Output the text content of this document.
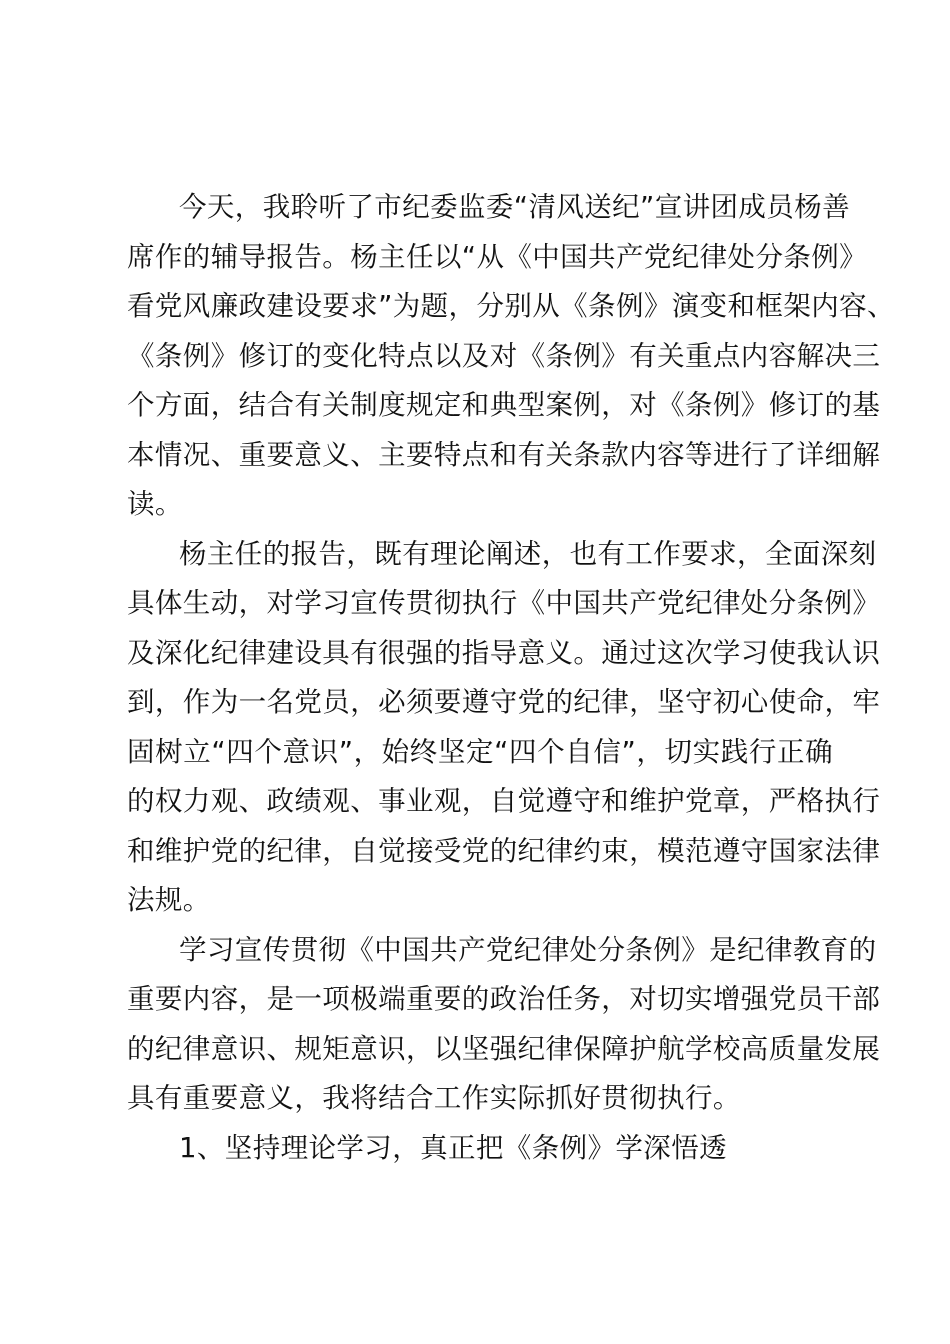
今天，我聆听了市纪委监委“清风送纪”宣讲团成员杨善
席作的辅导报告。杨主任以“从《中国共产党纪律处分条例》
看党风廉政建设要求”为题，分别从《条例》演变和框架内容、
《条例》修订的变化特点以及对《条例》有关重点内容解决三
个方面，结合有关制度规定和典型案例，对《条例》修订的基
本情况、重要意义、主要特点和有关条款内容等进行了详细解
读。
杨主任的报告，既有理论阐述，也有工作要求，全面深刻
具体生动，对学习宣传贯彻执行《中国共产党纪律处分条例》
及深化纪律建设具有很强的指导意义。通过这次学习使我认识
到，作为一名党员，必须要遵守党的纪律，坚守初心使命，牢
固树立“四个意识”，始终坚定“四个自信”，切实践行正确
的权力观、政绩观、事业观，自觉遵守和维护党章，严格执行
和维护党的纪律，自觉接受党的纪律约束，模范遵守国家法律
法规。
学习宣传贯彻《中国共产党纪律处分条例》是纪律教育的
重要内容，是一项极端重要的政治任务，对切实增强党员干部
的纪律意识、规矩意识，以坚强纪律保障护航学校高质量发展
具有重要意义，我将结合工作实际抓好贯彻执行。
1、坚持理论学习，真正把《条例》学深悟透
